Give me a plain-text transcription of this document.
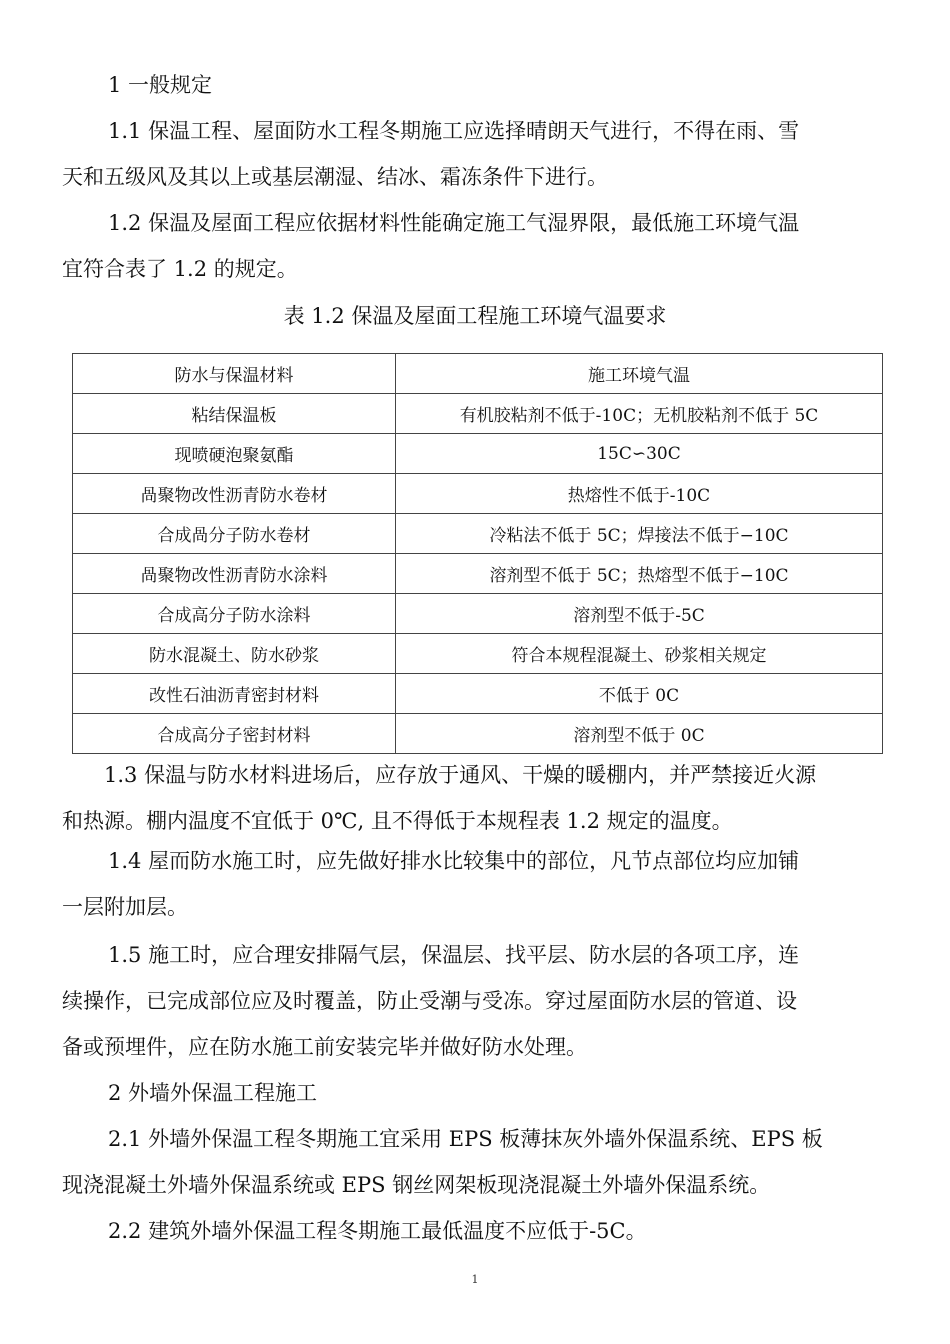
1 一般规定

1.1 保温工程、屋面防水工程冬期施工应选择晴朗天气进行，不得在雨、雪
天和五级风及其以上或基层潮湿、结冰、霜冻条件下进行。

1.2 保温及屋面工程应依据材料性能确定施工气湿界限，最低施工环境气温
宜符合表了 1.2 的规定。

表 1.2 保温及屋面工程施工环境气温要求

防水与保温材料	施工环境气温
粘结保温板	有机胶粘剂不低于-10C；无机胶粘剂不低于 5C
现喷硬泡聚氨酯	15C∽30C
咼聚物改性沥青防水卷材	热熔性不低于-10C
合成咼分子防水卷材	冷粘法不低于 5C；焊接法不低于−10C
咼聚物改性沥青防水涂料	溶剂型不低于 5C；热熔型不低于−10C
合成高分子防水涂料	溶剂型不低于-5C
防水混凝土、防水砂浆	符合本规程混凝土、砂浆相关规定
改性石油沥青密封材料	不低于 0C
合成高分子密封材料	溶剂型不低于 0C

1.3 保温与防水材料进场后，应存放于通风、干燥的暖棚内，并严禁接近火源
和热源。棚内温度不宜低于 0℃, 且不得低于本规程表 1.2 规定的温度。

1.4 屋而防水施工时，应先做好排水比较集中的部位，凡节点部位均应加铺
一层附加层。

1.5 施工时，应合理安排隔气层，保温层、找平层、防水层的各项工序，连
续操作，已完成部位应及时覆盖，防止受潮与受冻。穿过屋面防水层的管道、设
备或预埋件，应在防水施工前安装完毕并做好防水处理。

2 外墙外保温工程施工

2.1 外墙外保温工程冬期施工宜采用 EPS 板薄抹灰外墙外保温系统、EPS 板
现浇混凝土外墙外保温系统或 EPS 钢丝网架板现浇混凝土外墙外保温系统。

2.2 建筑外墙外保温工程冬期施工最低温度不应低于-5C。

1
